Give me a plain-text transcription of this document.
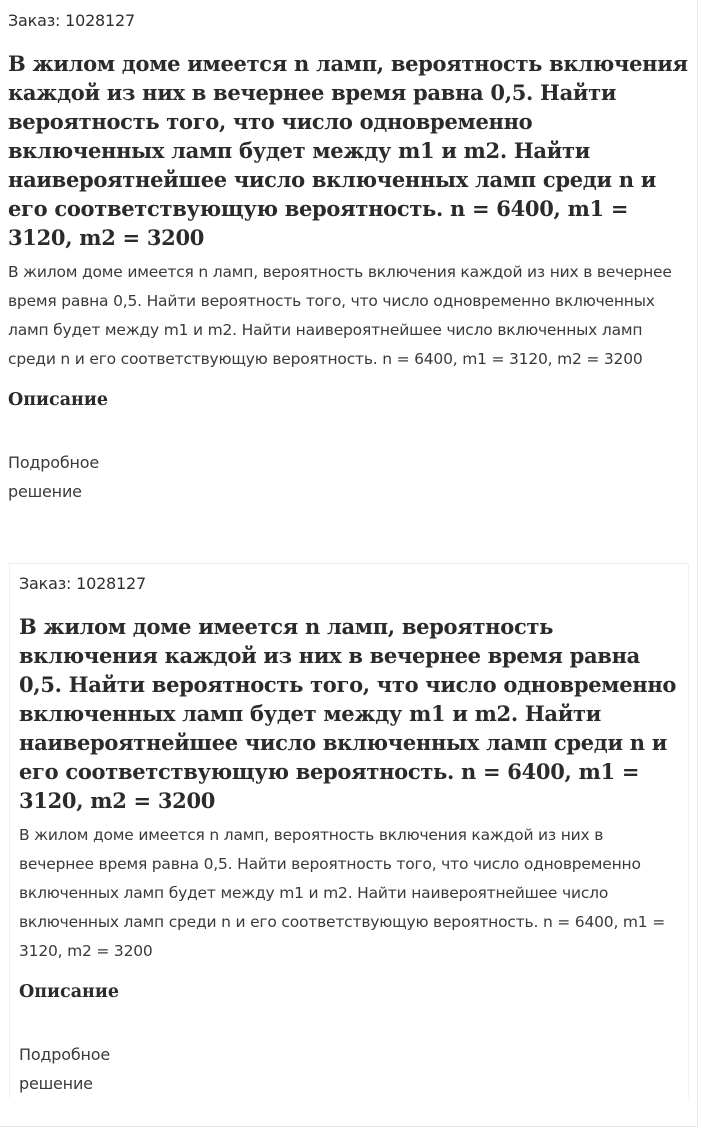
Заказ: 1028127
В жилом доме имеется n ламп, вероятность включения каждой из них в вечернее время равна 0,5. Найти вероятность того, что число одновременно включенных ламп будет между m1 и m2. Найти наивероятнейшее число включенных ламп среди n и его соответствующую вероятность. n = 6400, m1 = 3120, m2 = 3200

В жилом доме имеется n ламп, вероятность включения каждой из них в вечернее время равна 0,5. Найти вероятность того, что число одновременно включенных ламп будет между m1 и m2. Найти наивероятнейшее число включенных ламп среди n и его соответствующую вероятность. n = 6400, m1 = 3120, m2 = 3200

Описание

Подробное решение

Заказ: 1028127
В жилом доме имеется n ламп, вероятность включения каждой из них в вечернее время равна 0,5. Найти вероятность того, что число одновременно включенных ламп будет между m1 и m2. Найти наивероятнейшее число включенных ламп среди n и его соответствующую вероятность. n = 6400, m1 = 3120, m2 = 3200

В жилом доме имеется n ламп, вероятность включения каждой из них в вечернее время равна 0,5. Найти вероятность того, что число одновременно включенных ламп будет между m1 и m2. Найти наивероятнейшее число включенных ламп среди n и его соответствующую вероятность. n = 6400, m1 = 3120, m2 = 3200

Описание

Подробное решение
